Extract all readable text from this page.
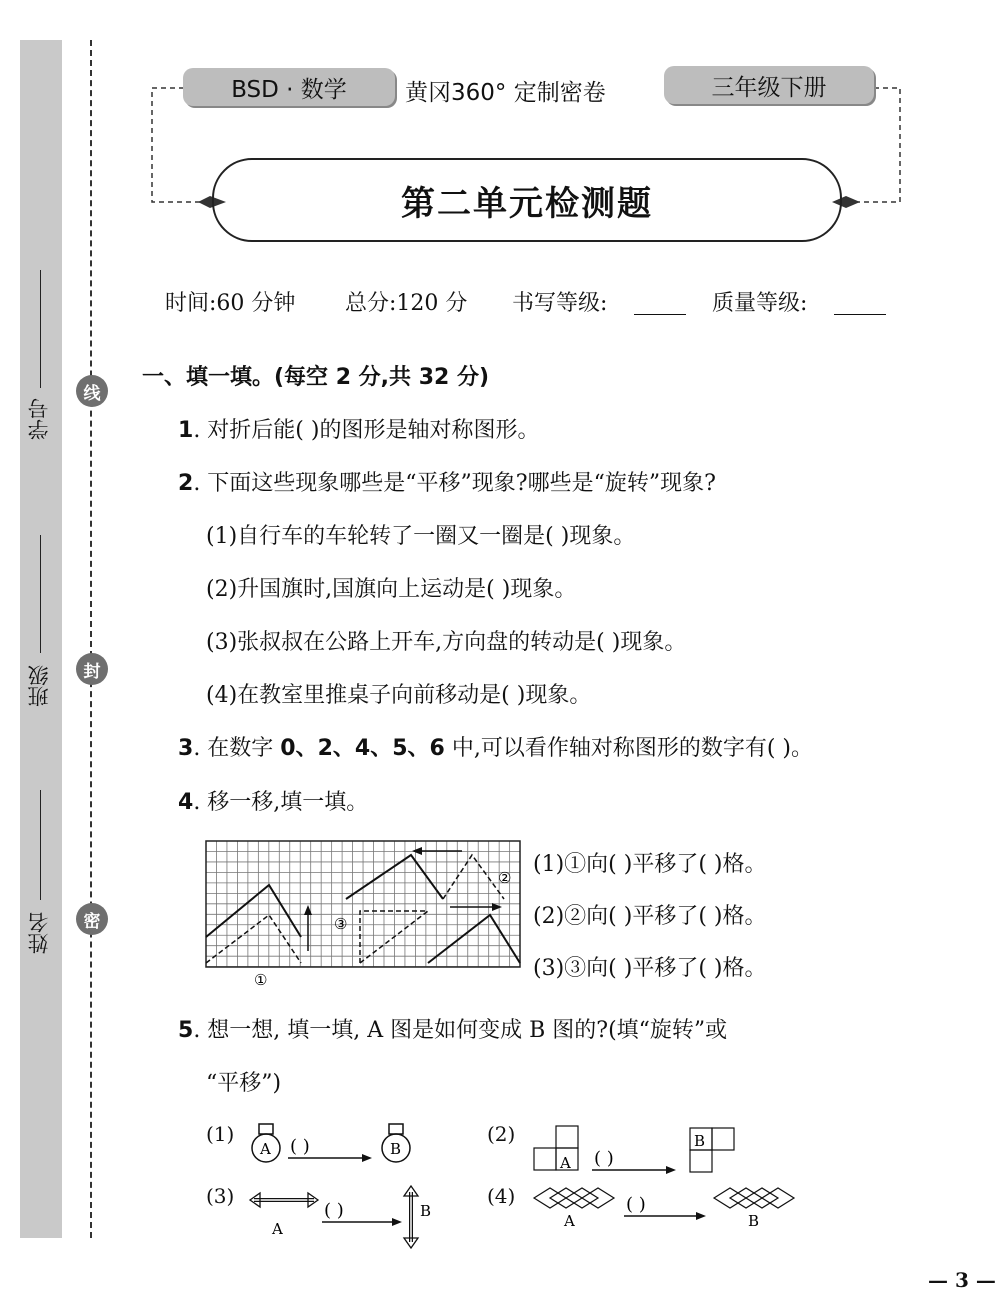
姓名
班级
学号
线
封
密
BSD · 数学	黄冈360° 定制密卷	三年级下册
第二单元检测题
时间:60 分钟 总分:120 分 书写等级:	质量等级:
一、填一填。(每空 2 分,共 32 分)
1. 对折后能( )的图形是轴对称图形。
2. 下面这些现象哪些是“平移”现象?哪些是“旋转”现象?
(1)自行车的车轮转了一圈又一圈是( )现象。
(2)升国旗时,国旗向上运动是( )现象。
(3)张叔叔在公路上开车,方向盘的转动是( )现象。
(4)在教室里推桌子向前移动是( )现象。
3. 在数字 0、2、4、5、6 中,可以看作轴对称图形的数字有( )。
4. 移一移,填一填。
①
②
③
(1)①向( )平移了( )格。
(2)②向( )平移了( )格。
(3)③向( )平移了( )格。
5. 想一想, 填一填, A 图是如何变成 B 图的?(填“旋转”或
“平移”)
(1)
A ( )	B
(2)
A ( )
B
(3)
A
( )	B
(4)
A
( )
B
— 3 —
